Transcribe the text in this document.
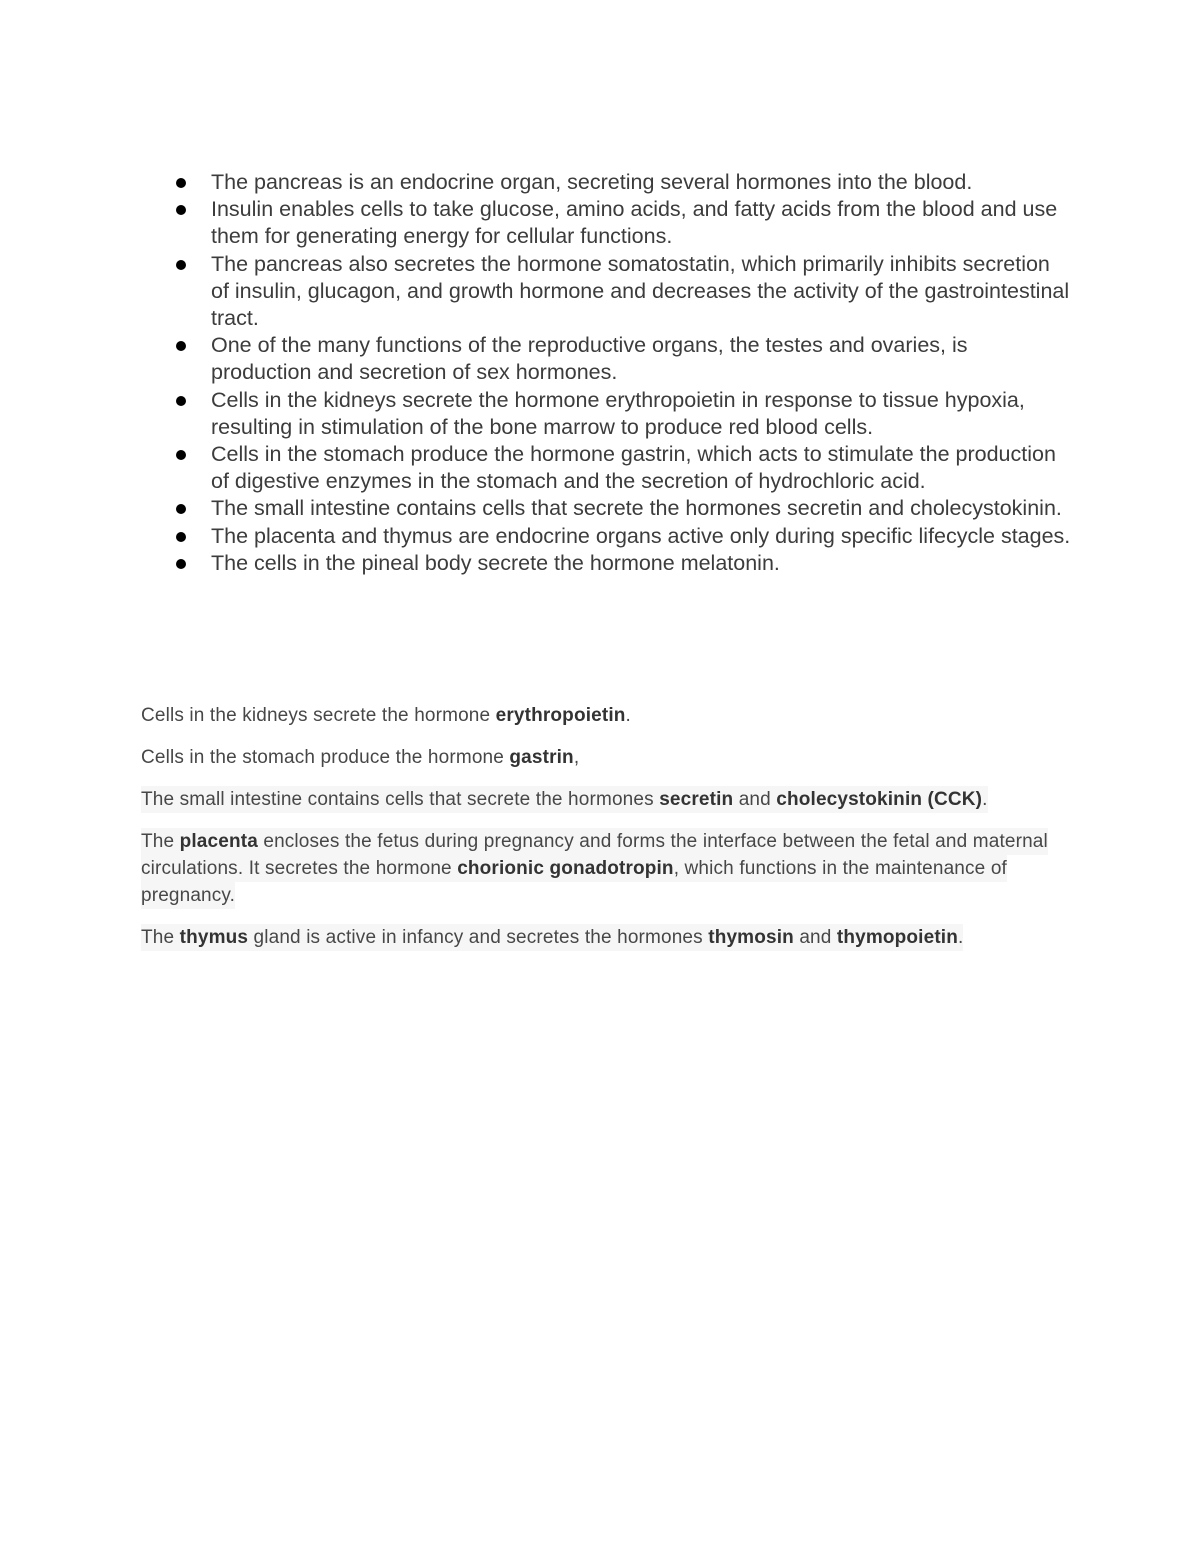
The pancreas is an endocrine organ, secreting several hormones into the blood.
Insulin enables cells to take glucose, amino acids, and fatty acids from the blood and use them for generating energy for cellular functions.
The pancreas also secretes the hormone somatostatin, which primarily inhibits secretion of insulin, glucagon, and growth hormone and decreases the activity of the gastrointestinal tract.
One of the many functions of the reproductive organs, the testes and ovaries, is production and secretion of sex hormones.
Cells in the kidneys secrete the hormone erythropoietin in response to tissue hypoxia, resulting in stimulation of the bone marrow to produce red blood cells.
Cells in the stomach produce the hormone gastrin, which acts to stimulate the production of digestive enzymes in the stomach and the secretion of hydrochloric acid.
The small intestine contains cells that secrete the hormones secretin and cholecystokinin.
The placenta and thymus are endocrine organs active only during specific lifecycle stages.
The cells in the pineal body secrete the hormone melatonin.

Cells in the kidneys secrete the hormone erythropoietin.

Cells in the stomach produce the hormone gastrin,

The small intestine contains cells that secrete the hormones secretin and cholecystokinin (CCK).

The placenta encloses the fetus during pregnancy and forms the interface between the fetal and maternal circulations. It secretes the hormone chorionic gonadotropin, which functions in the maintenance of pregnancy.

The thymus gland is active in infancy and secretes the hormones thymosin and thymopoietin.
